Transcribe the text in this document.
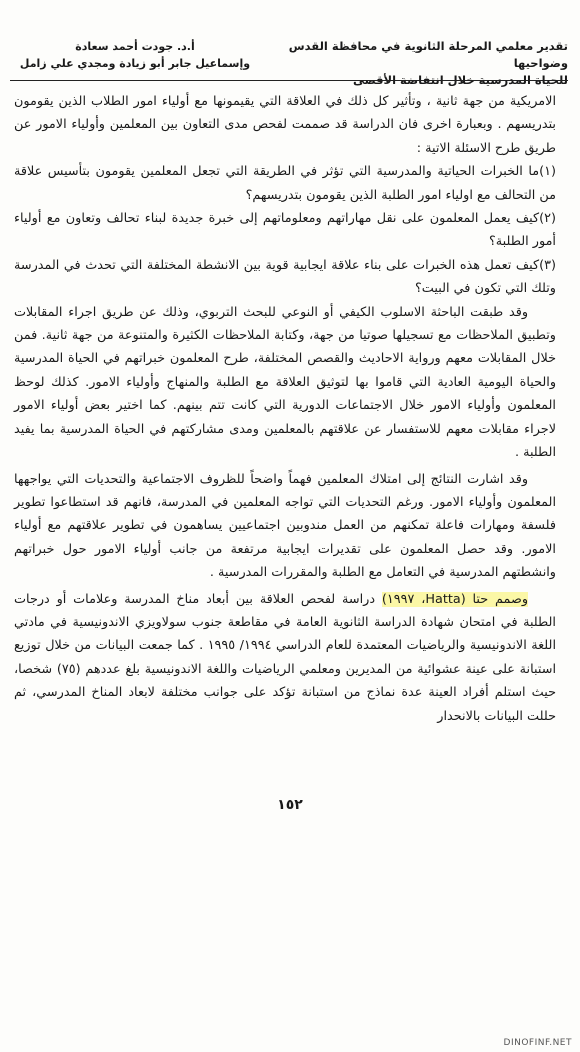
تقدير معلمي المرحلة الثانوية في محافظة القدس وضواحيها
للحياة المدرسية خلال انتفاضة الأقصى
أ.د. جودت أحمد سعادة
وإسماعيل جابر أبو زيادة ومجدي علي زامل

الامريكية من جهة ثانية ، وتأثير كل ذلك في العلاقة التي يقيمونها مع أولياء امور الطلاب الذين يقومون بتدريسهم . وبعبارة اخرى فان الدراسة قد صممت لفحص مدى التعاون بين المعلمين وأولياء الامور عن طريق طرح الاسئلة الاتية :

(١)ما الخبرات الحياتية والمدرسية التي تؤثر في الطريقة التي تجعل المعلمين يقومون بتأسيس علاقة من التحالف مع اولياء امور الطلبة الذين يقومون بتدريسهم؟

(٢)كيف يعمل المعلمون على نقل مهاراتهم ومعلوماتهم إلى خبرة جديدة لبناء تحالف وتعاون مع أولياء أمور الطلبة؟

(٣)كيف تعمل هذه الخبرات على بناء علاقة ايجابية قوية بين الانشطة المختلفة التي تحدث في المدرسة وتلك التي تكون في البيت؟

وقد طبقت الباحثة الاسلوب الكيفي أو النوعي للبحث التربوي، وذلك عن طريق اجراء المقابلات وتطبيق الملاحظات مع تسجيلها صوتيا من جهة، وكتابة الملاحظات الكثيرة والمتنوعة من جهة ثانية. فمن خلال المقابلات معهم ورواية الاحاديث والقصص المختلفة، طرح المعلمون خبراتهم في الحياة المدرسية والحياة اليومية العادية التي قاموا بها لتوثيق العلاقة مع الطلبة والمنهاج وأولياء الامور. كذلك لوحظ المعلمون وأولياء الامور خلال الاجتماعات الدورية التي كانت تتم بينهم. كما اختير بعض أولياء الامور لاجراء مقابلات معهم للاستفسار عن علاقتهم بالمعلمين ومدى مشاركتهم في الحياة المدرسية بما يفيد الطلبة .

وقد اشارت النتائج إلى امتلاك المعلمين فهماً واضحاً للظروف الاجتماعية والتحديات التي يواجهها المعلمون وأولياء الامور. ورغم التحديات التي تواجه المعلمين في المدرسة، فانهم قد استطاعوا تطوير فلسفة ومهارات فاعلة تمكنهم من العمل مندوبين اجتماعيين يساهمون في تطوير علاقتهم مع أولياء الامور. وقد حصل المعلمون على تقديرات ايجابية مرتفعة من جانب أولياء الامور حول خبراتهم وانشطتهم المدرسية في التعامل مع الطلبة والمقررات المدرسية .

وصمم حتا (Hatta، ١٩٩٧) دراسة لفحص العلاقة بين أبعاد مناخ المدرسة وعلامات أو درجات الطلبة في امتحان شهادة الدراسة الثانوية العامة في مقاطعة جنوب سولاويزي الاندونيسية في مادتي اللغة الاندونيسية والرياضيات المعتمدة للعام الدراسي ١٩٩٤/ ١٩٩٥ . كما جمعت البيانات من خلال توزيع استبانة على عينة عشوائية من المديرين ومعلمي الرياضيات واللغة الاندونيسية بلغ عددهم (٧٥) شخصا، حيث استلم أفراد العينة عدة نماذج من استبانة تؤكد على جوانب مختلفة لابعاد المناخ المدرسي، ثم حللت البيانات بالانحدار

١٥٢
DINOFINF.NET
